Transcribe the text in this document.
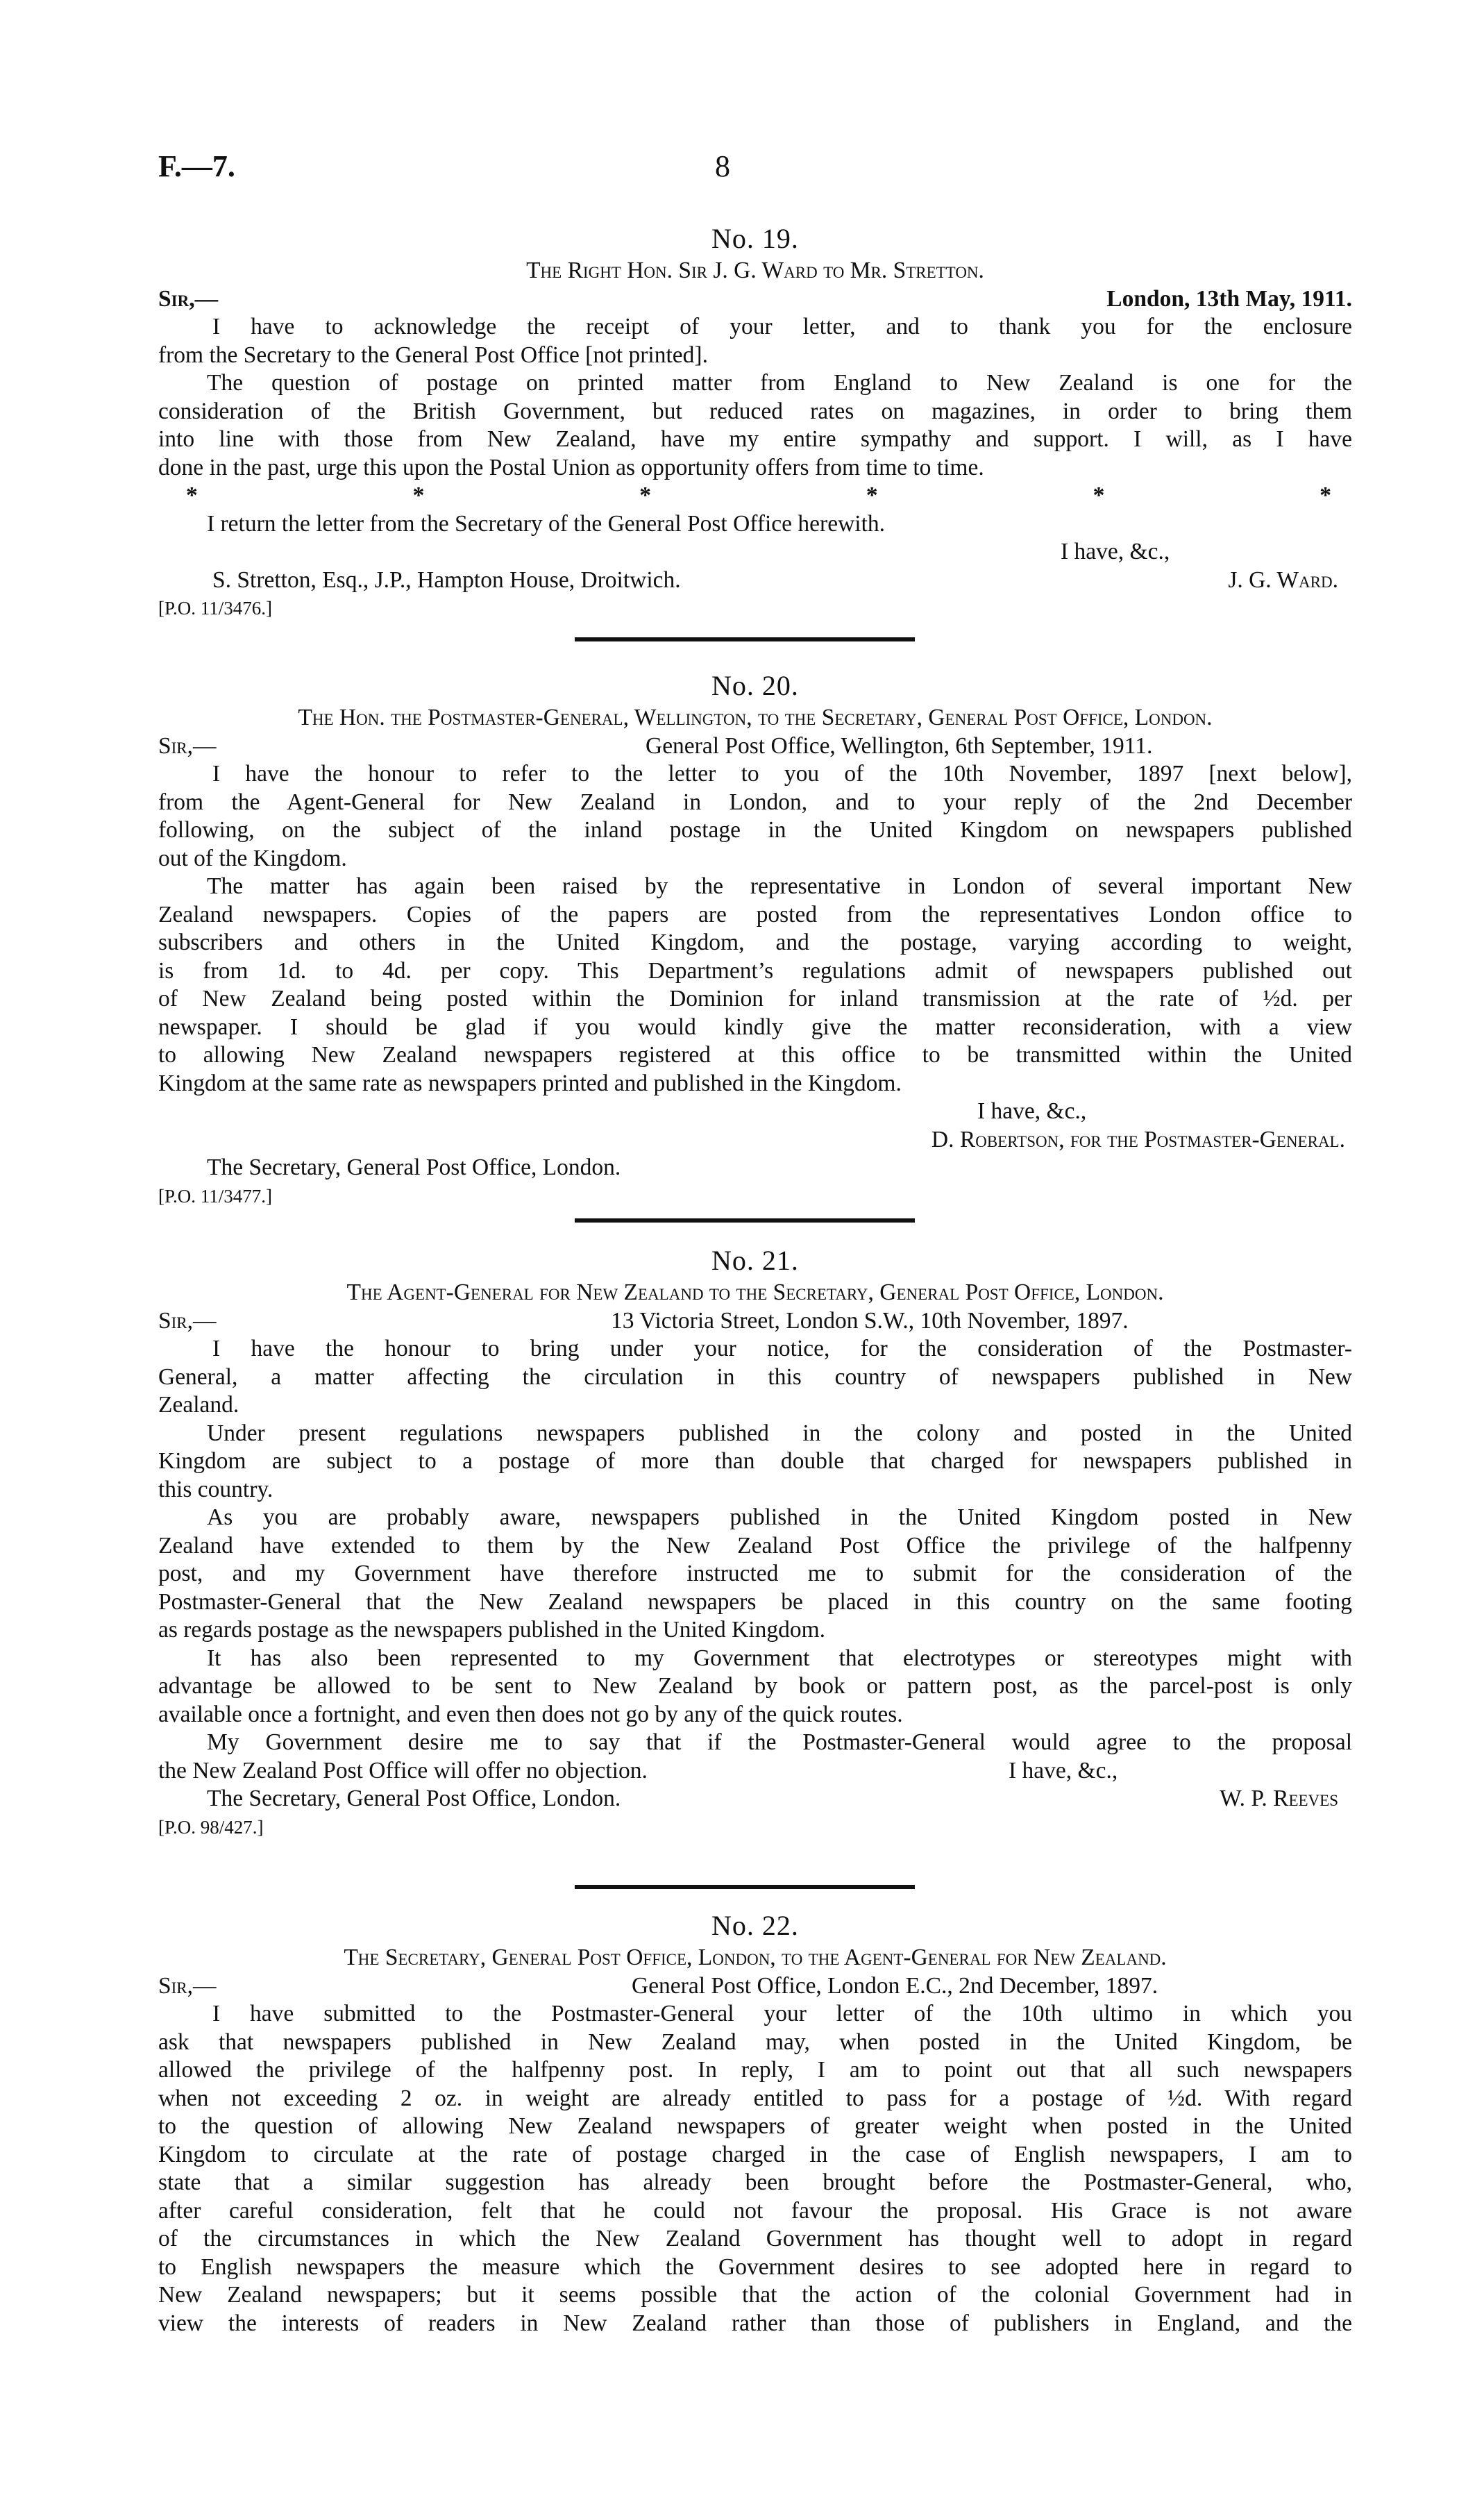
F.—7.	8
No. 19.
The Right Hon. Sir J. G. Ward to Mr. Stretton.
Sir,—	London, 13th May, 1911.
I have to acknowledge the receipt of your letter, and to thank you for the enclosure
from the Secretary to the General Post Office [not printed].
The question of postage on printed matter from England to New Zealand is one for the
consideration of the British Government, but reduced rates on magazines, in order to bring them
into line with those from New Zealand, have my entire sympathy and support. I will, as I have
done in the past, urge this upon the Postal Union as opportunity offers from time to time.
*	*	*	*	*	*
I return the letter from the Secretary of the General Post Office herewith.
I have, &c.,
S. Stretton, Esq., J.P., Hampton House, Droitwich.	J. G. Ward.
[P.O. 11/3476.]
No. 20.
The Hon. the Postmaster-General, Wellington, to the Secretary, General Post Office, London.
Sir,—	General Post Office, Wellington, 6th September, 1911.
I have the honour to refer to the letter to you of the 10th November, 1897 [next below],
from the Agent-General for New Zealand in London, and to your reply of the 2nd December
following, on the subject of the inland postage in the United Kingdom on newspapers published
out of the Kingdom.
The matter has again been raised by the representative in London of several important New
Zealand newspapers. Copies of the papers are posted from the representatives London office to
subscribers and others in the United Kingdom, and the postage, varying according to weight,
is from 1d. to 4d. per copy. This Department’s regulations admit of newspapers published out
of New Zealand being posted within the Dominion for inland transmission at the rate of ½d. per
newspaper. I should be glad if you would kindly give the matter reconsideration, with a view
to allowing New Zealand newspapers registered at this office to be transmitted within the United
Kingdom at the same rate as newspapers printed and published in the Kingdom.
I have, &c.,
D. Robertson, for the Postmaster-General.
The Secretary, General Post Office, London.
[P.O. 11/3477.]
No. 21.
The Agent-General for New Zealand to the Secretary, General Post Office, London.
Sir,—	13 Victoria Street, London S.W., 10th November, 1897.
I have the honour to bring under your notice, for the consideration of the Postmaster-
General, a matter affecting the circulation in this country of newspapers published in New
Zealand.
Under present regulations newspapers published in the colony and posted in the United
Kingdom are subject to a postage of more than double that charged for newspapers published in
this country.
As you are probably aware, newspapers published in the United Kingdom posted in New
Zealand have extended to them by the New Zealand Post Office the privilege of the halfpenny
post, and my Government have therefore instructed me to submit for the consideration of the
Postmaster-General that the New Zealand newspapers be placed in this country on the same footing
as regards postage as the newspapers published in the United Kingdom.
It has also been represented to my Government that electrotypes or stereotypes might with
advantage be allowed to be sent to New Zealand by book or pattern post, as the parcel-post is only
available once a fortnight, and even then does not go by any of the quick routes.
My Government desire me to say that if the Postmaster-General would agree to the proposal
the New Zealand Post Office will offer no objection.	I have, &c.,
The Secretary, General Post Office, London.	W. P. Reeves
[P.O. 98/427.]
No. 22.
The Secretary, General Post Office, London, to the Agent-General for New Zealand.
Sir,—	General Post Office, London E.C., 2nd December, 1897.
I have submitted to the Postmaster-General your letter of the 10th ultimo in which you
ask that newspapers published in New Zealand may, when posted in the United Kingdom, be
allowed the privilege of the halfpenny post. In reply, I am to point out that all such newspapers
when not exceeding 2 oz. in weight are already entitled to pass for a postage of ½d. With regard
to the question of allowing New Zealand newspapers of greater weight when posted in the United
Kingdom to circulate at the rate of postage charged in the case of English newspapers, I am to
state that a similar suggestion has already been brought before the Postmaster-General, who,
after careful consideration, felt that he could not favour the proposal. His Grace is not aware
of the circumstances in which the New Zealand Government has thought well to adopt in regard
to English newspapers the measure which the Government desires to see adopted here in regard to
New Zealand newspapers; but it seems possible that the action of the colonial Government had in
view the interests of readers in New Zealand rather than those of publishers in England, and the
